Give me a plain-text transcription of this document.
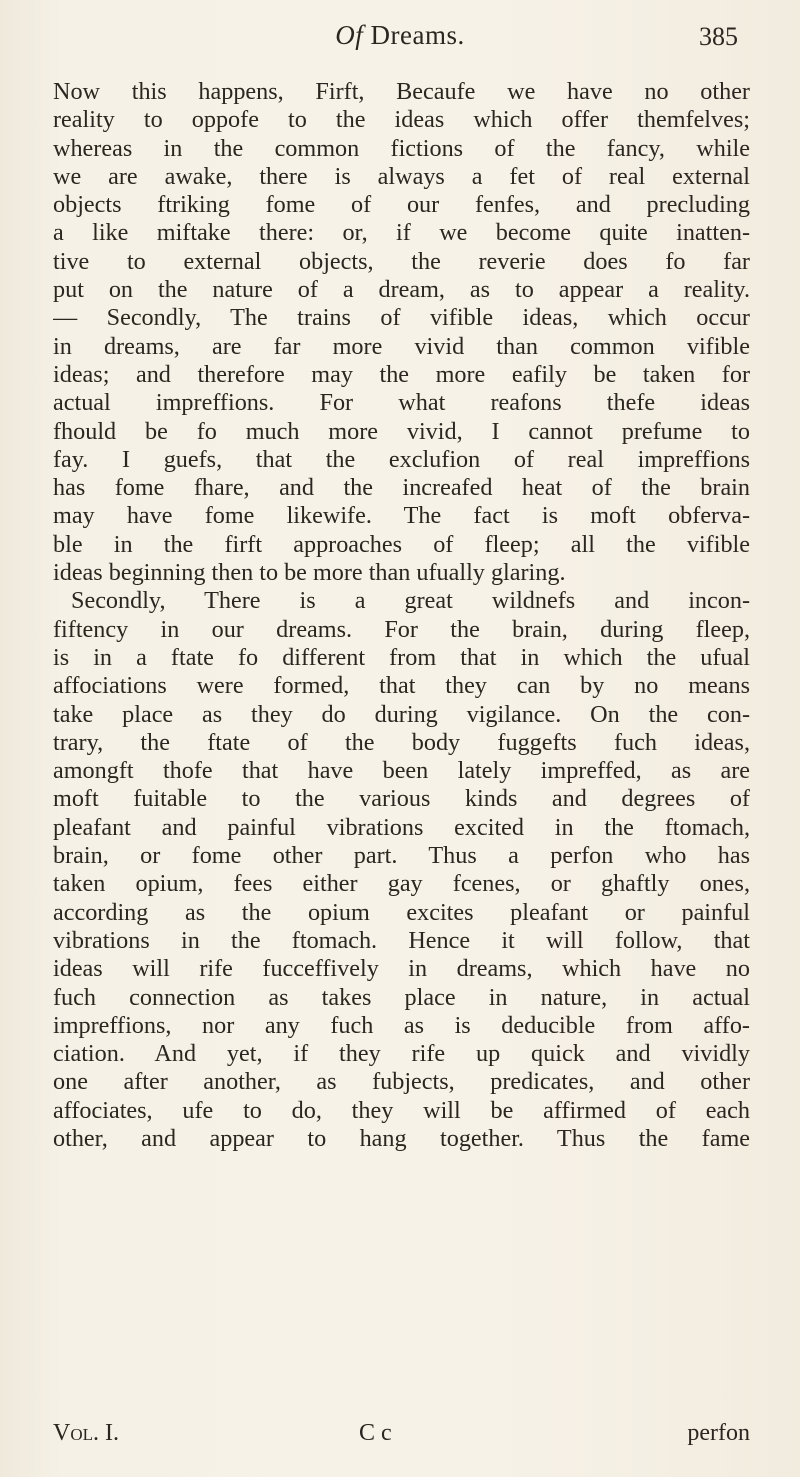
Of Dreams.	385
Now this happens, Firft, Becaufe we have no other
reality to oppofe to the ideas which offer themfelves;
whereas in the common fictions of the fancy, while
we are awake, there is always a fet of real external
objects ftriking fome of our fenfes, and precluding
a like miftake there: or, if we become quite inatten-
tive to external objects, the reverie does fo far
put on the nature of a dream, as to appear a reality.
— Secondly, The trains of vifible ideas, which occur
in dreams, are far more vivid than common vifible
ideas; and therefore may the more eafily be taken for
actual impreffions. For what reafons thefe ideas
fhould be fo much more vivid, I cannot prefume to
fay. I guefs, that the exclufion of real impreffions
has fome fhare, and the increafed heat of the brain
may have fome likewife. The fact is moft obferva-
ble in the firft approaches of fleep; all the vifible
ideas beginning then to be more than ufually glaring.
Secondly, There is a great wildnefs and incon-
fiftency in our dreams. For the brain, during fleep,
is in a ftate fo different from that in which the ufual
affociations were formed, that they can by no means
take place as they do during vigilance. On the con-
trary, the ftate of the body fuggefts fuch ideas,
amongft thofe that have been lately impreffed, as are
moft fuitable to the various kinds and degrees of
pleafant and painful vibrations excited in the ftomach,
brain, or fome other part. Thus a perfon who has
taken opium, fees either gay fcenes, or ghaftly ones,
according as the opium excites pleafant or painful
vibrations in the ftomach. Hence it will follow, that
ideas will rife fucceffively in dreams, which have no
fuch connection as takes place in nature, in actual
impreffions, nor any fuch as is deducible from affo-
ciation. And yet, if they rife up quick and vividly
one after another, as fubjects, predicates, and other
affociates, ufe to do, they will be affirmed of each
other, and appear to hang together. Thus the fame
Vol. I.	C c	perfon
